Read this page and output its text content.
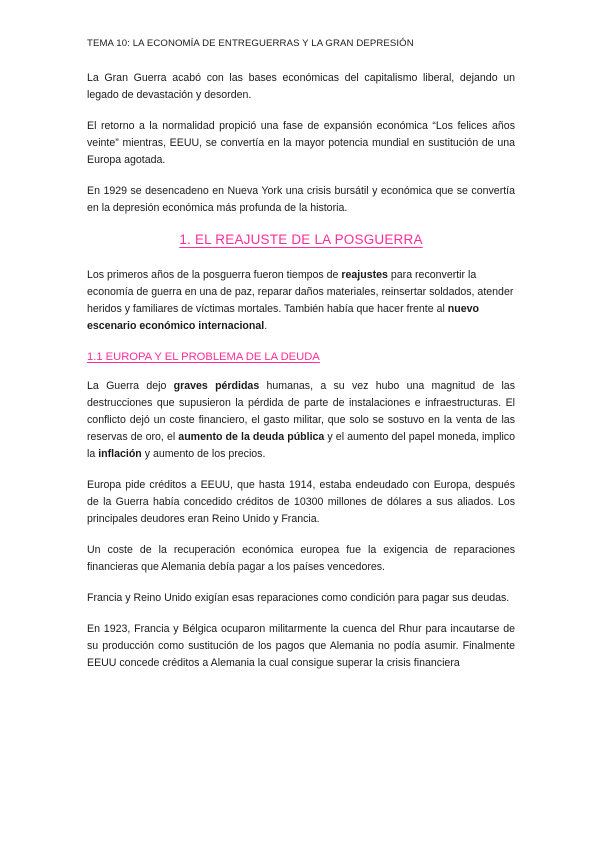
TEMA 10: LA ECONOMÍA DE ENTREGUERRAS Y LA GRAN DEPRESIÓN

La Gran Guerra acabó con las bases económicas del capitalismo liberal, dejando un legado de devastación y desorden.

El retorno a la normalidad propició una fase de expansión económica “Los felices años veinte” mientras, EEUU, se convertía en la mayor potencia mundial en sustitución de una Europa agotada.

En 1929 se desencadeno en Nueva York una crisis bursátil y económica que se convertía en la depresión económica más profunda de la historia.

1. EL REAJUSTE DE LA POSGUERRA

Los primeros años de la posguerra fueron tiempos de reajustes para reconvertir la economía de guerra en una de paz, reparar daños materiales, reinsertar soldados, atender heridos y familiares de víctimas mortales. También había que hacer frente al nuevo escenario económico internacional.

1.1 EUROPA Y EL PROBLEMA DE LA DEUDA

La Guerra dejo graves pérdidas humanas, a su vez hubo una magnitud de las destrucciones que supusieron la pérdida de parte de instalaciones e infraestructuras. El conflicto dejó un coste financiero, el gasto militar, que solo se sostuvo en la venta de las reservas de oro, el aumento de la deuda pública y el aumento del papel moneda, implico la inflación y aumento de los precios.

Europa pide créditos a EEUU, que hasta 1914, estaba endeudado con Europa, después de la Guerra había concedido créditos de 10300 millones de dólares a sus aliados. Los principales deudores eran Reino Unido y Francia.

Un coste de la recuperación económica europea fue la exigencia de reparaciones financieras que Alemania debía pagar a los países vencedores.

Francia y Reino Unido exigían esas reparaciones como condición para pagar sus deudas.

En 1923, Francia y Bélgica ocuparon militarmente la cuenca del Rhur para incautarse de su producción como sustitución de los pagos que Alemania no podía asumir. Finalmente EEUU concede créditos a Alemania la cual consigue superar la crisis financiera
